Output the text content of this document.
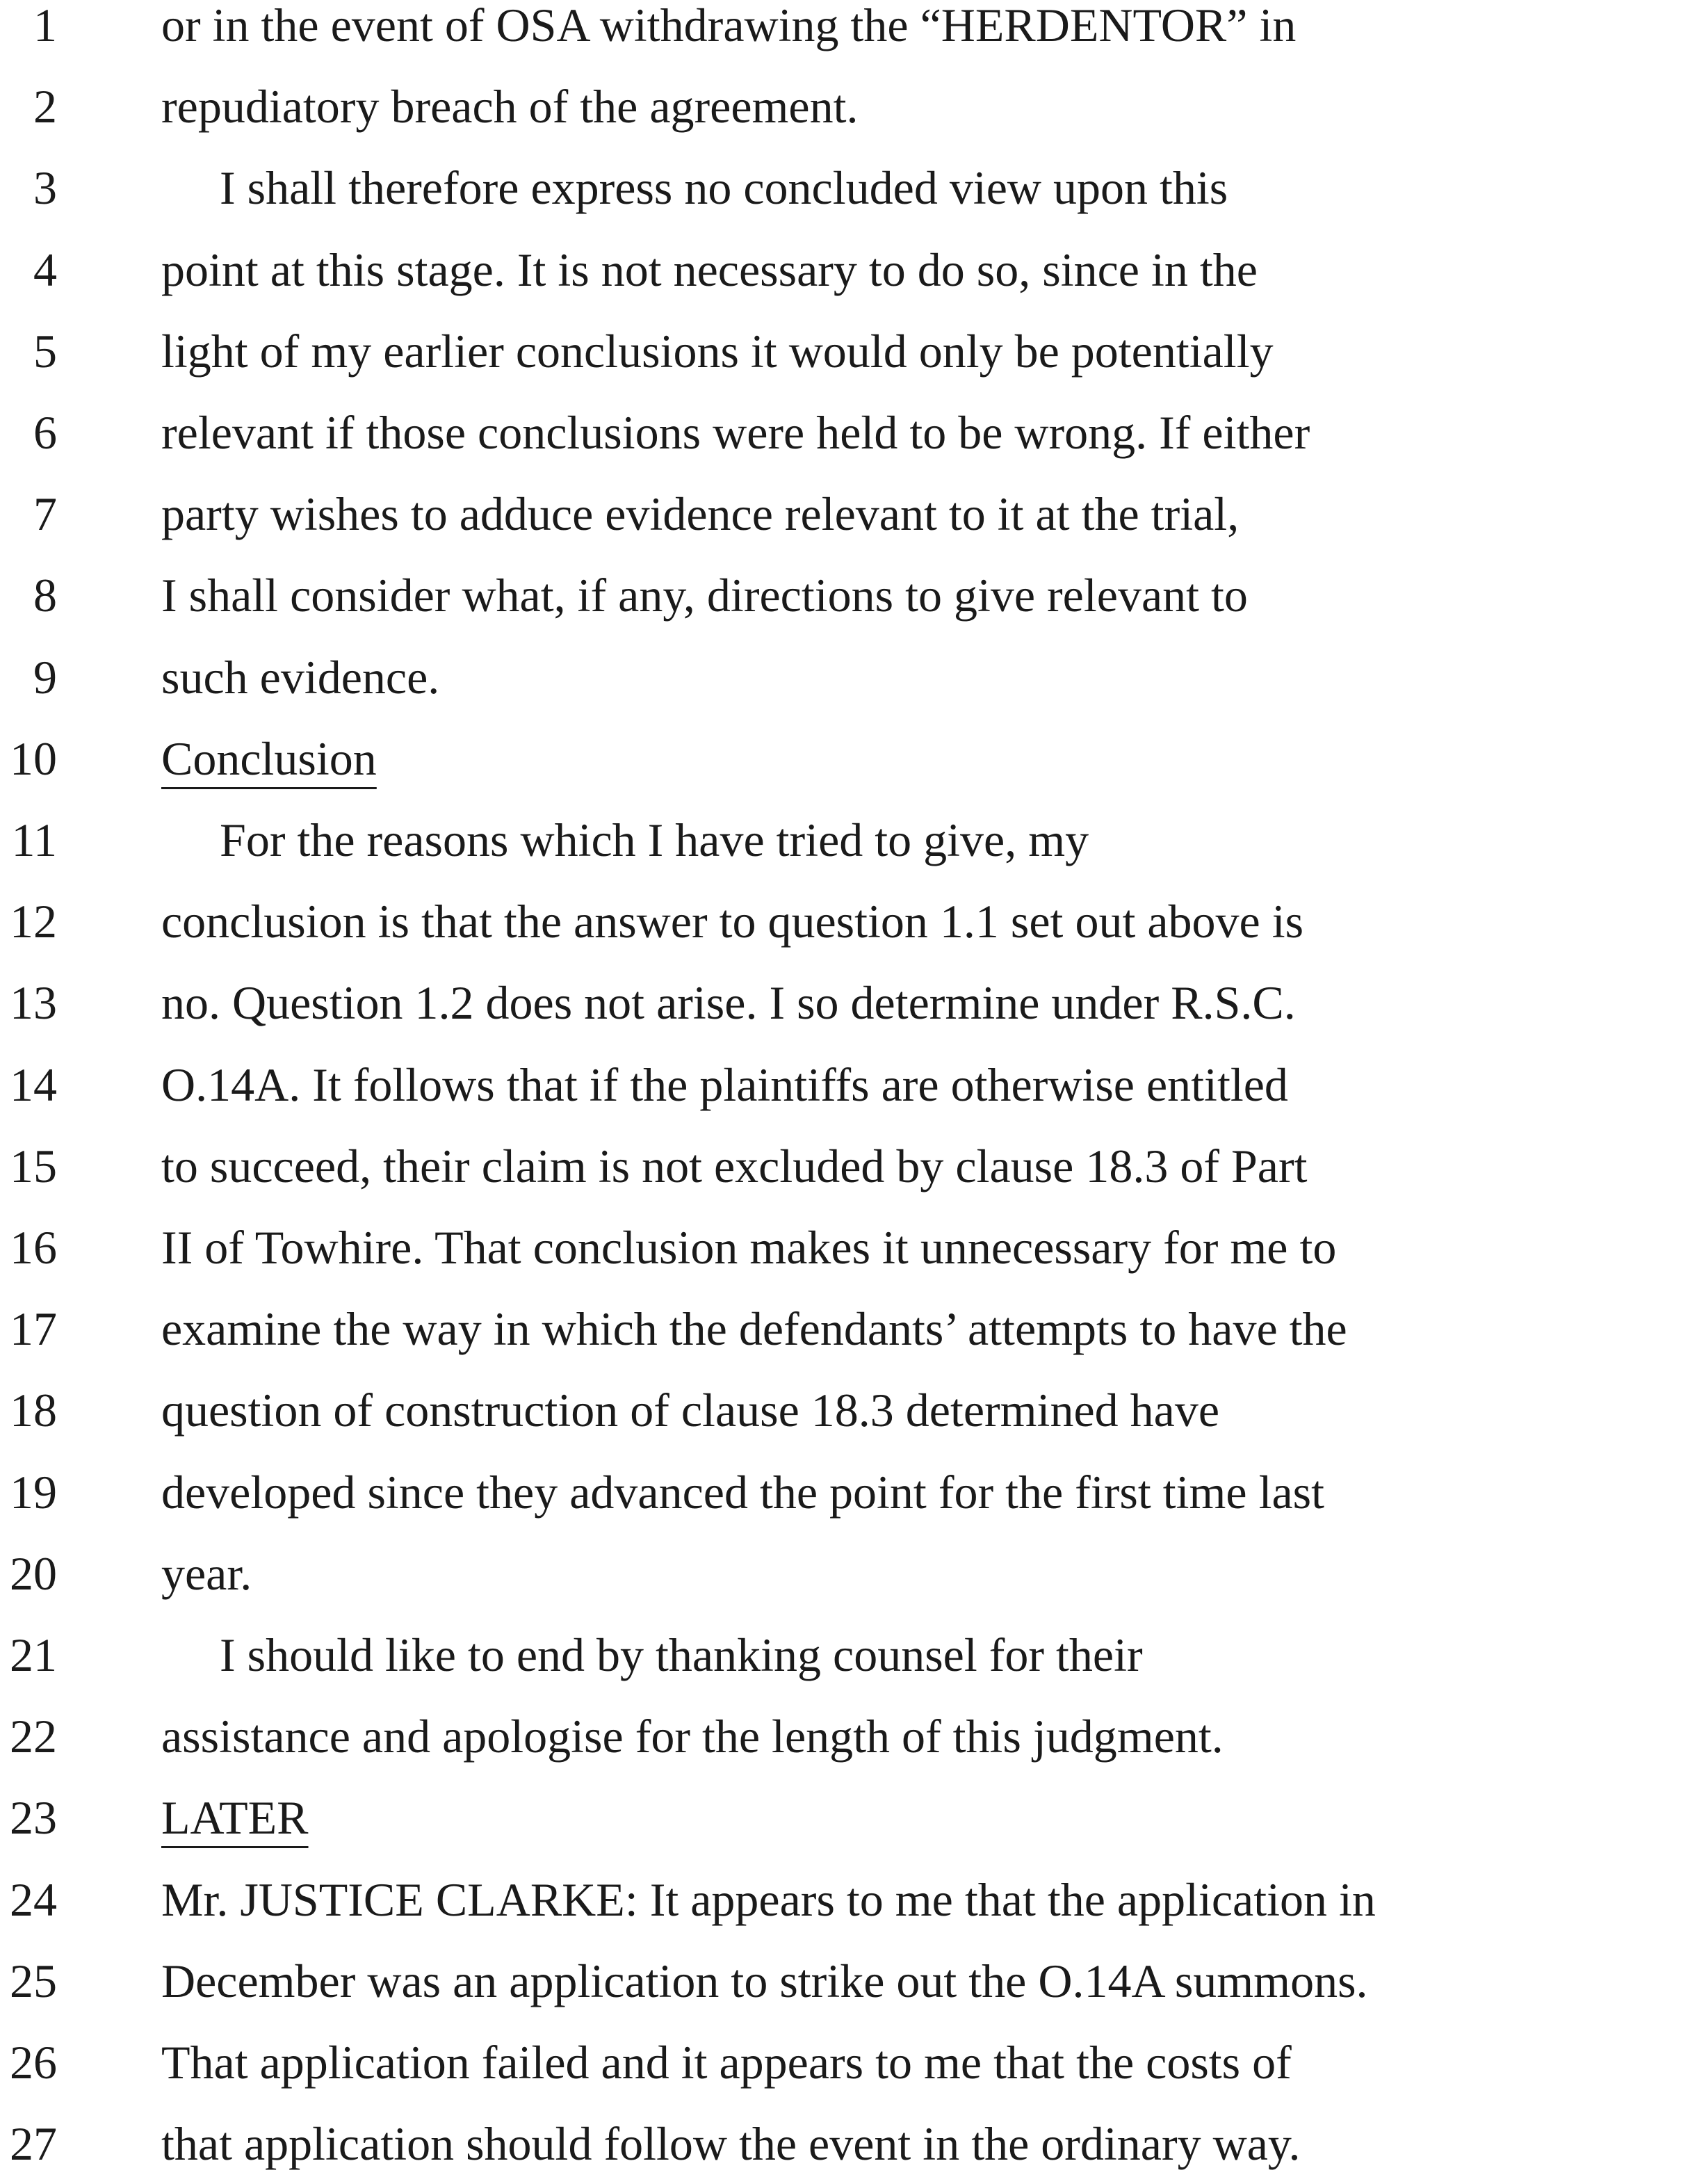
1 or in the event of OSA withdrawing the “HERDENTOR” in
2 repudiatory breach of the agreement.
3	I shall therefore express no concluded view upon this
4 point at this stage. It is not necessary to do so, since in the
5 light of my earlier conclusions it would only be potentially
6 relevant if those conclusions were held to be wrong. If either
7 party wishes to adduce evidence relevant to it at the trial,
8 I shall consider what, if any, directions to give relevant to
9 such evidence.
10 Conclusion
11	For the reasons which I have tried to give, my
12 conclusion is that the answer to question 1.1 set out above is
13 no. Question 1.2 does not arise. I so determine under R.S.C.
14 O.14A. It follows that if the plaintiffs are otherwise entitled
15 to succeed, their claim is not excluded by clause 18.3 of Part
16 II of Towhire. That conclusion makes it unnecessary for me to
17 examine the way in which the defendants’ attempts to have the
18 question of construction of clause 18.3 determined have
19 developed since they advanced the point for the first time last
20 year.
21	I should like to end by thanking counsel for their
22 assistance and apologise for the length of this judgment.
23 LATER
24 Mr. JUSTICE CLARKE: It appears to me that the application in
25 December was an application to strike out the O.14A summons.
26 That application failed and it appears to me that the costs of
27 that application should follow the event in the ordinary way.
